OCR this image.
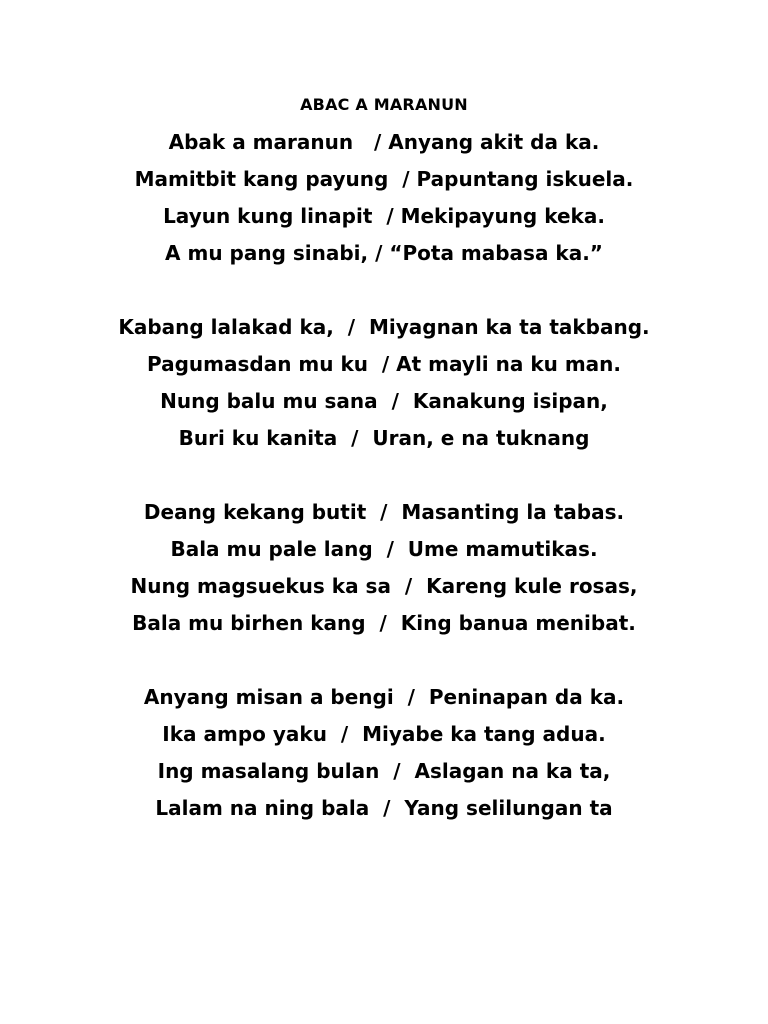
ABAC A MARANUN
Abak a maranun   / Anyang akit da ka.
Mamitbit kang payung  / Papuntang iskuela.
Layun kung linapit  / Mekipayung keka.
A mu pang sinabi, / “Pota mabasa ka.”
Kabang lalakad ka,  /  Miyagnan ka ta takbang.
Pagumasdan mu ku  / At mayli na ku man.
Nung balu mu sana  /  Kanakung isipan,
Buri ku kanita  /  Uran, e na tuknang
Deang kekang butit  /  Masanting la tabas.
Bala mu pale lang  /  Ume mamutikas.
Nung magsuekus ka sa  /  Kareng kule rosas,
Bala mu birhen kang  /  King banua menibat.
Anyang misan a bengi  /  Peninapan da ka.
Ika ampo yaku  /  Miyabe ka tang adua.
Ing masalang bulan  /  Aslagan na ka ta,
Lalam na ning bala  /  Yang selilungan ta
